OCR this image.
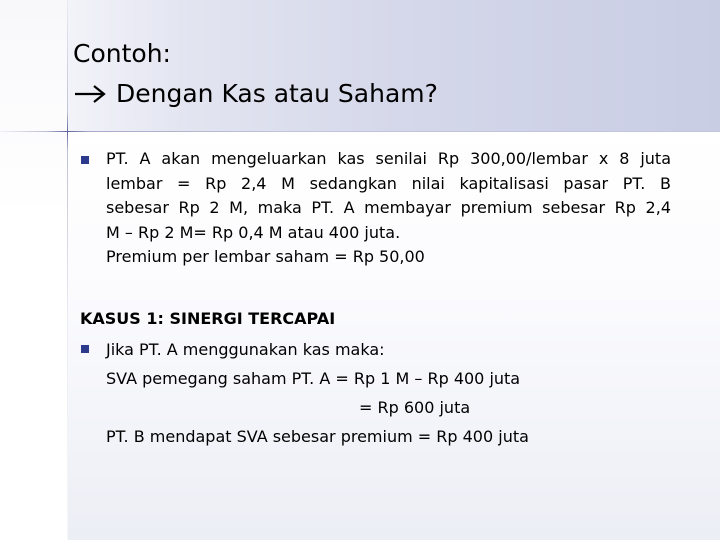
Contoh:
Dengan Kas atau Saham?
PT. A akan mengeluarkan kas senilai Rp 300,00/lembar x 8 juta
lembar = Rp 2,4 M sedangkan nilai kapitalisasi pasar PT. B
sebesar Rp 2 M, maka PT. A membayar premium sebesar Rp 2,4
M – Rp 2 M= Rp 0,4 M atau 400 juta.
Premium per lembar saham = Rp 50,00
KASUS 1: SINERGI TERCAPAI
Jika PT. A menggunakan kas maka:
SVA pemegang saham PT. A = Rp 1 M – Rp 400 juta
= Rp 600 juta
PT. B mendapat SVA sebesar premium = Rp 400 juta
